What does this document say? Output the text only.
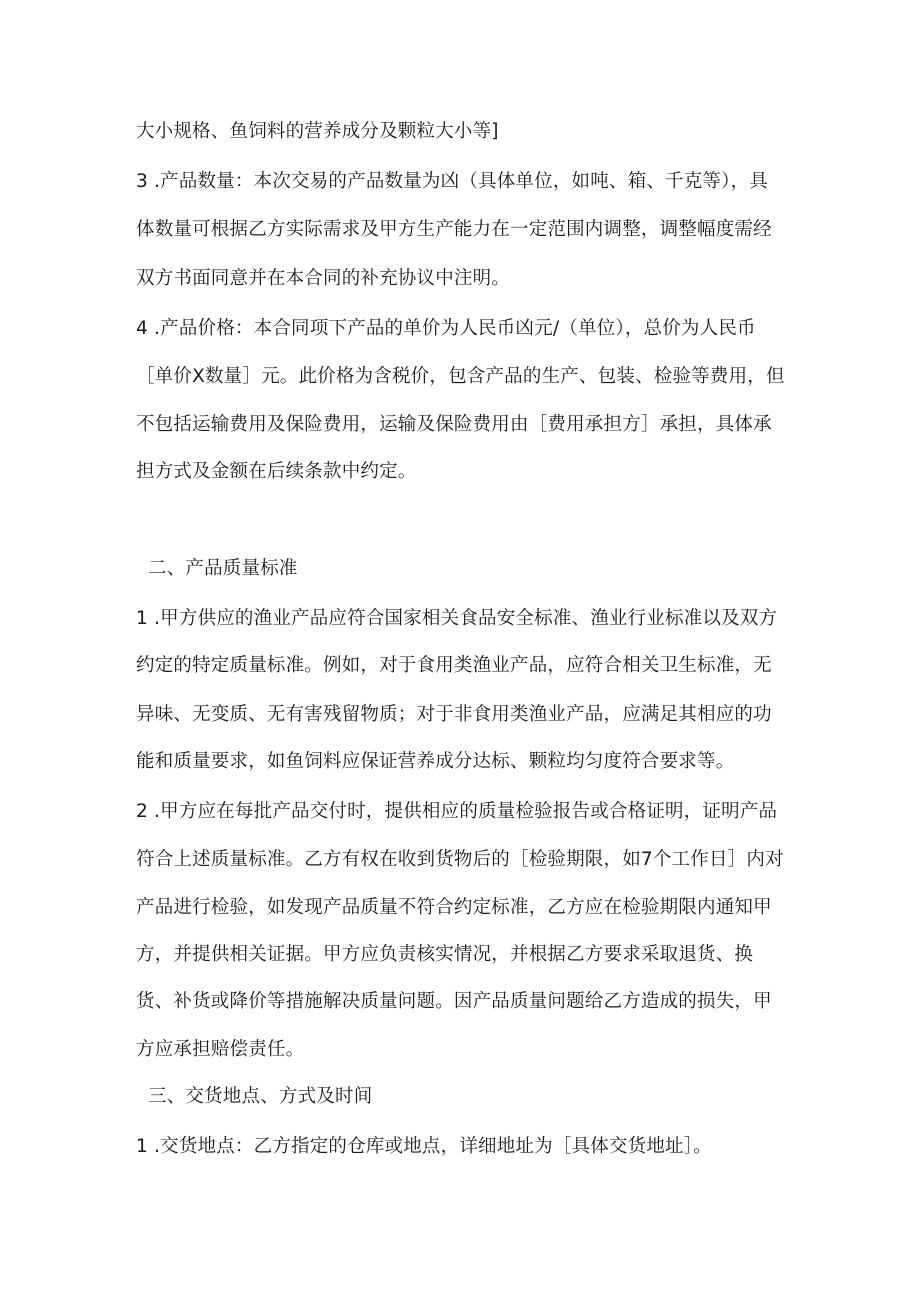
大小规格、鱼饲料的营养成分及颗粒大小等]
3 .产品数量：本次交易的产品数量为凶（具体单位，如吨、箱、千克等），具
体数量可根据乙方实际需求及甲方生产能力在一定范围内调整，调整幅度需经
双方书面同意并在本合同的补充协议中注明。
4 .产品价格：本合同项下产品的单价为人民币凶元/（单位），总价为人民币
［单价X数量］元。此价格为含税价，包含产品的生产、包装、检验等费用，但
不包括运输费用及保险费用，运输及保险费用由［费用承担方］承担，具体承
担方式及金额在后续条款中约定。
二、产品质量标准
1 .甲方供应的渔业产品应符合国家相关食品安全标准、渔业行业标准以及双方
约定的特定质量标准。例如，对于食用类渔业产品，应符合相关卫生标准，无
异味、无变质、无有害残留物质；对于非食用类渔业产品，应满足其相应的功
能和质量要求，如鱼饲料应保证营养成分达标、颗粒均匀度符合要求等。
2 .甲方应在每批产品交付时，提供相应的质量检验报告或合格证明，证明产品
符合上述质量标准。乙方有权在收到货物后的［检验期限，如7个工作日］内对
产品进行检验，如发现产品质量不符合约定标准，乙方应在检验期限内通知甲
方，并提供相关证据。甲方应负责核实情况，并根据乙方要求采取退货、换
货、补货或降价等措施解决质量问题。因产品质量问题给乙方造成的损失，甲
方应承担赔偿责任。
三、交货地点、方式及时间
1 .交货地点：乙方指定的仓库或地点，详细地址为［具体交货地址］。
